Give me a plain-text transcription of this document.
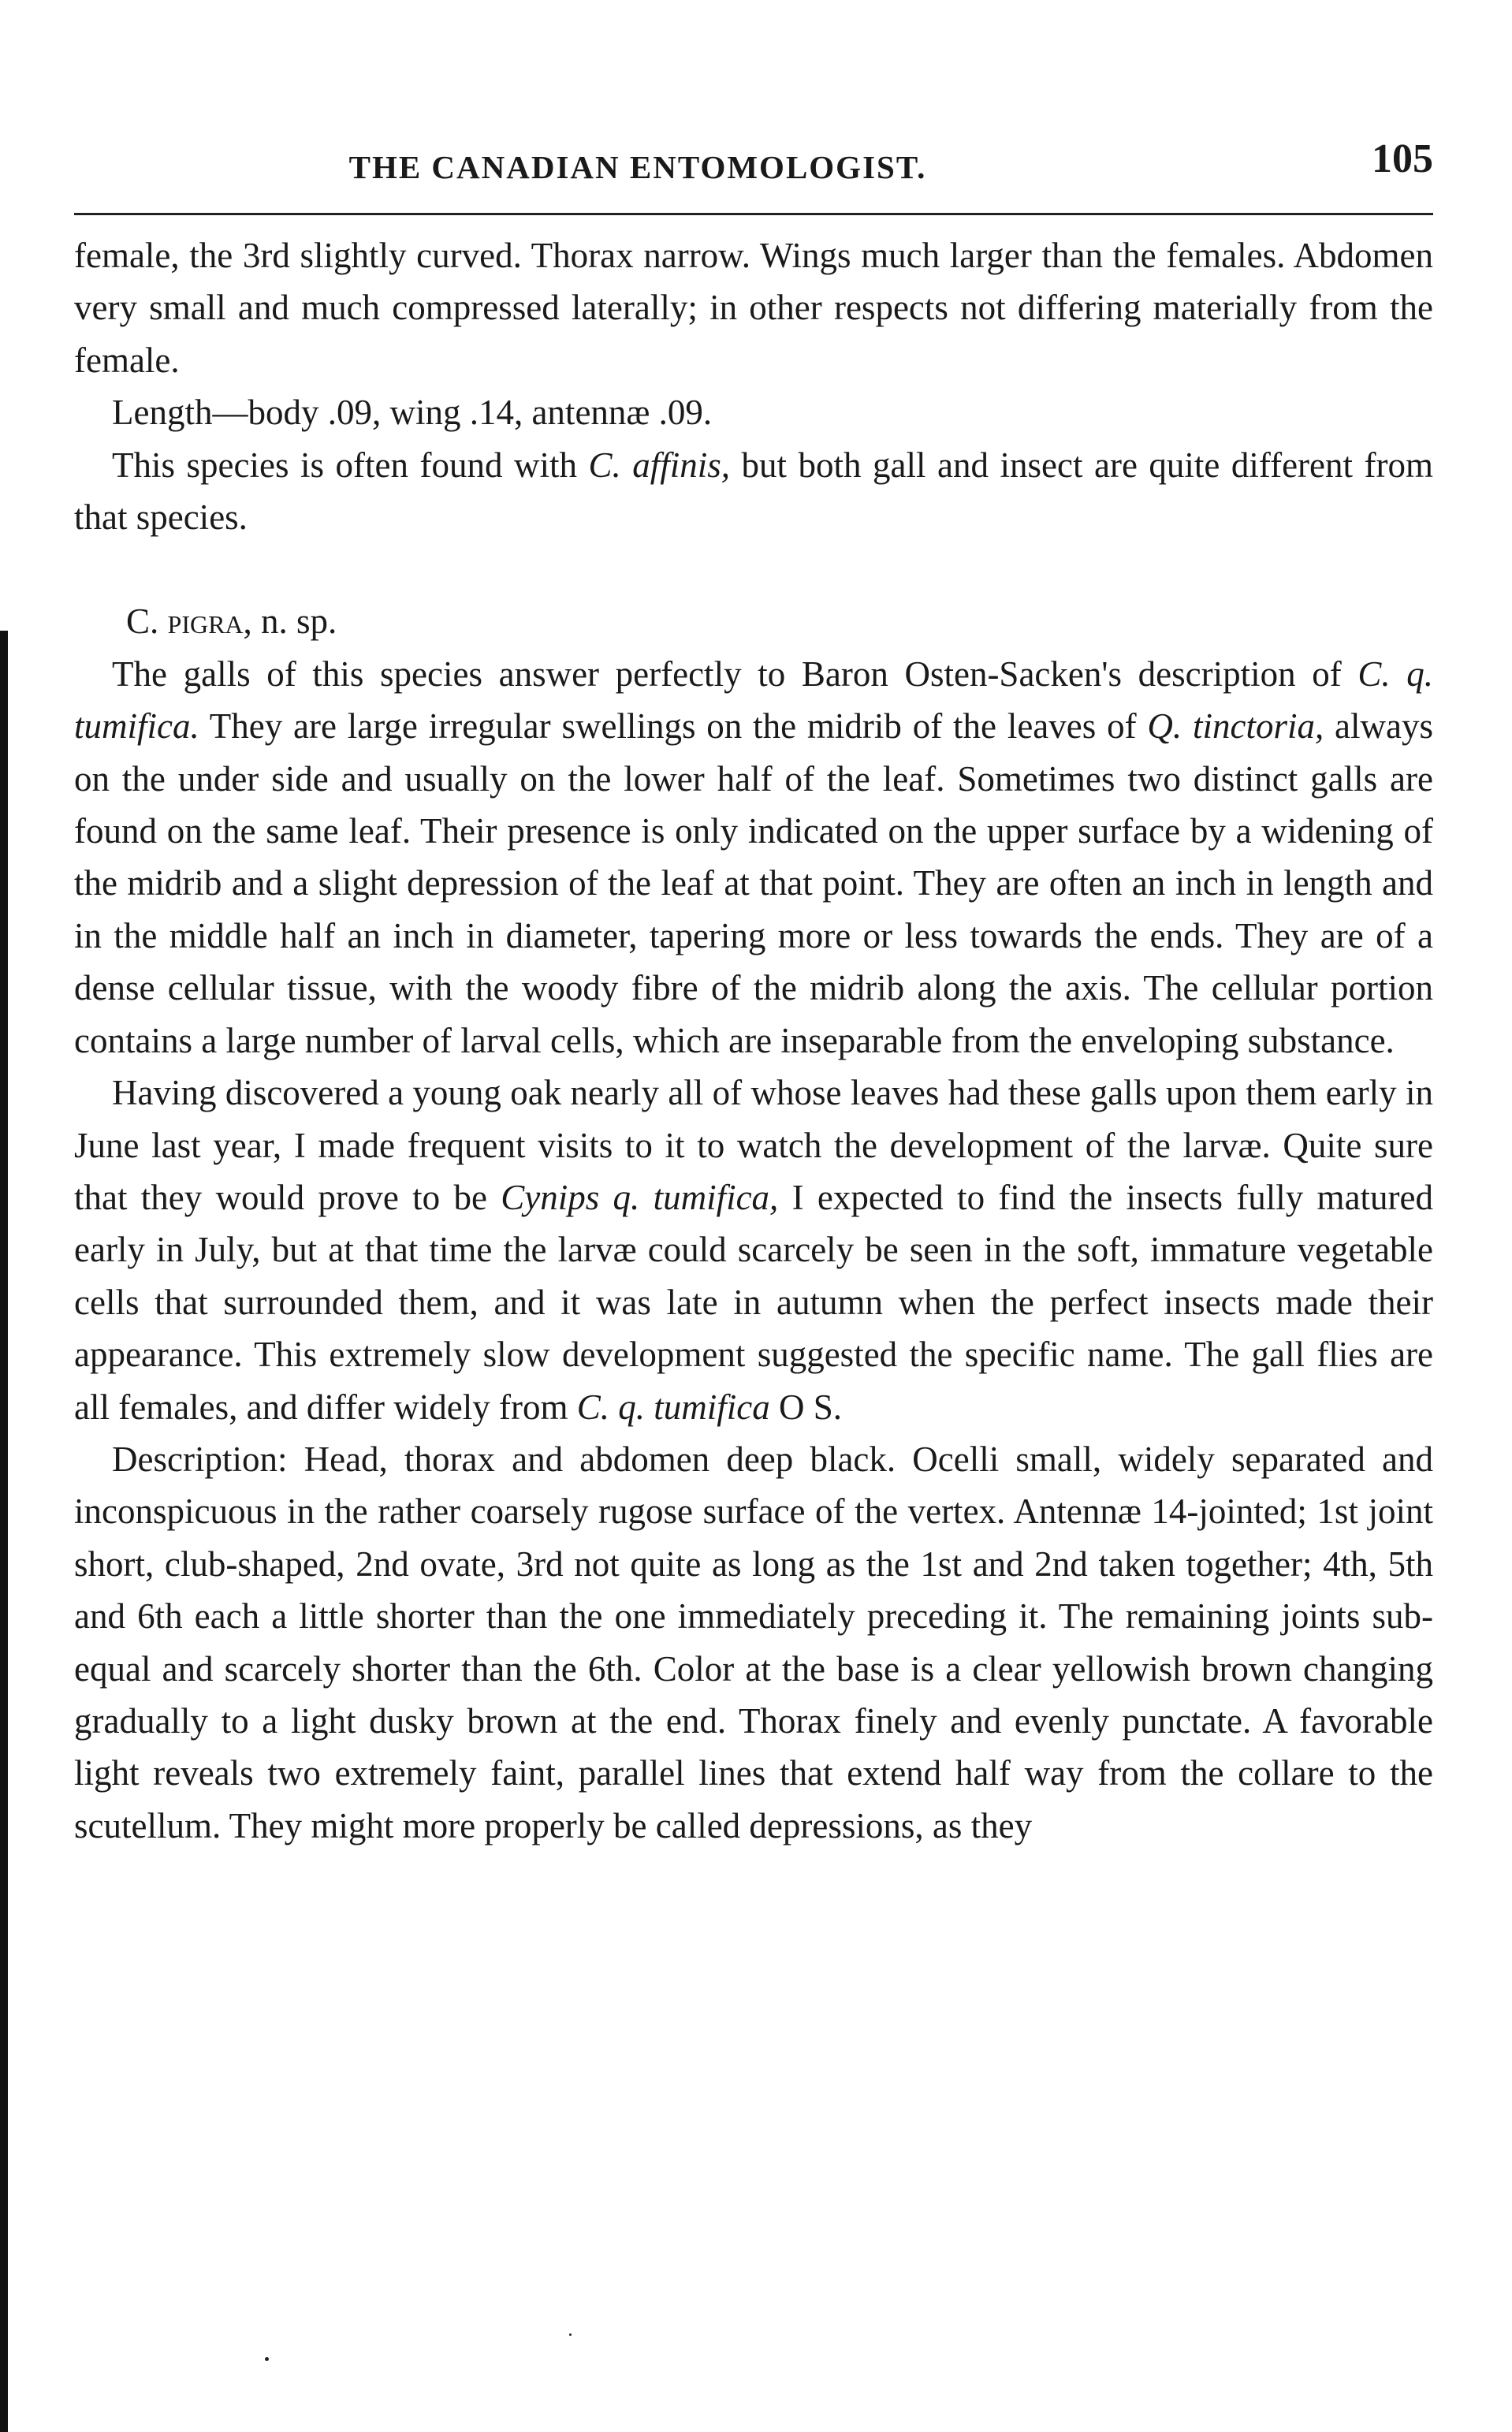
THE CANADIAN ENTOMOLOGIST.	105

female, the 3rd slightly curved. Thorax narrow. Wings much larger than the females. Abdomen very small and much compressed laterally; in other respects not differing materially from the female.

Length—body .09, wing .14, antennæ .09.

This species is often found with C. affinis, but both gall and insect are quite different from that species.

C. pigra, n. sp.

The galls of this species answer perfectly to Baron Osten-Sacken's description of C. q. tumifica. They are large irregular swellings on the midrib of the leaves of Q. tinctoria, always on the under side and usually on the lower half of the leaf. Sometimes two distinct galls are found on the same leaf. Their presence is only indicated on the upper surface by a widening of the midrib and a slight depression of the leaf at that point. They are often an inch in length and in the middle half an inch in diameter, tapering more or less towards the ends. They are of a dense cellular tissue, with the woody fibre of the midrib along the axis. The cellular portion contains a large number of larval cells, which are inseparable from the enveloping substance.

Having discovered a young oak nearly all of whose leaves had these galls upon them early in June last year, I made frequent visits to it to watch the development of the larvæ. Quite sure that they would prove to be Cynips q. tumifica, I expected to find the insects fully matured early in July, but at that time the larvæ could scarcely be seen in the soft, immature vegetable cells that surrounded them, and it was late in autumn when the perfect insects made their appearance. This extremely slow development suggested the specific name. The gall flies are all females, and differ widely from C. q. tumifica O S.

Description: Head, thorax and abdomen deep black. Ocelli small, widely separated and inconspicuous in the rather coarsely rugose surface of the vertex. Antennæ 14-jointed; 1st joint short, club-shaped, 2nd ovate, 3rd not quite as long as the 1st and 2nd taken together; 4th, 5th and 6th each a little shorter than the one immediately preceding it. The remaining joints sub-equal and scarcely shorter than the 6th. Color at the base is a clear yellowish brown changing gradually to a light dusky brown at the end. Thorax finely and evenly punctate. A favorable light reveals two extremely faint, parallel lines that extend half way from the collare to the scutellum. They might more properly be called depressions, as they
